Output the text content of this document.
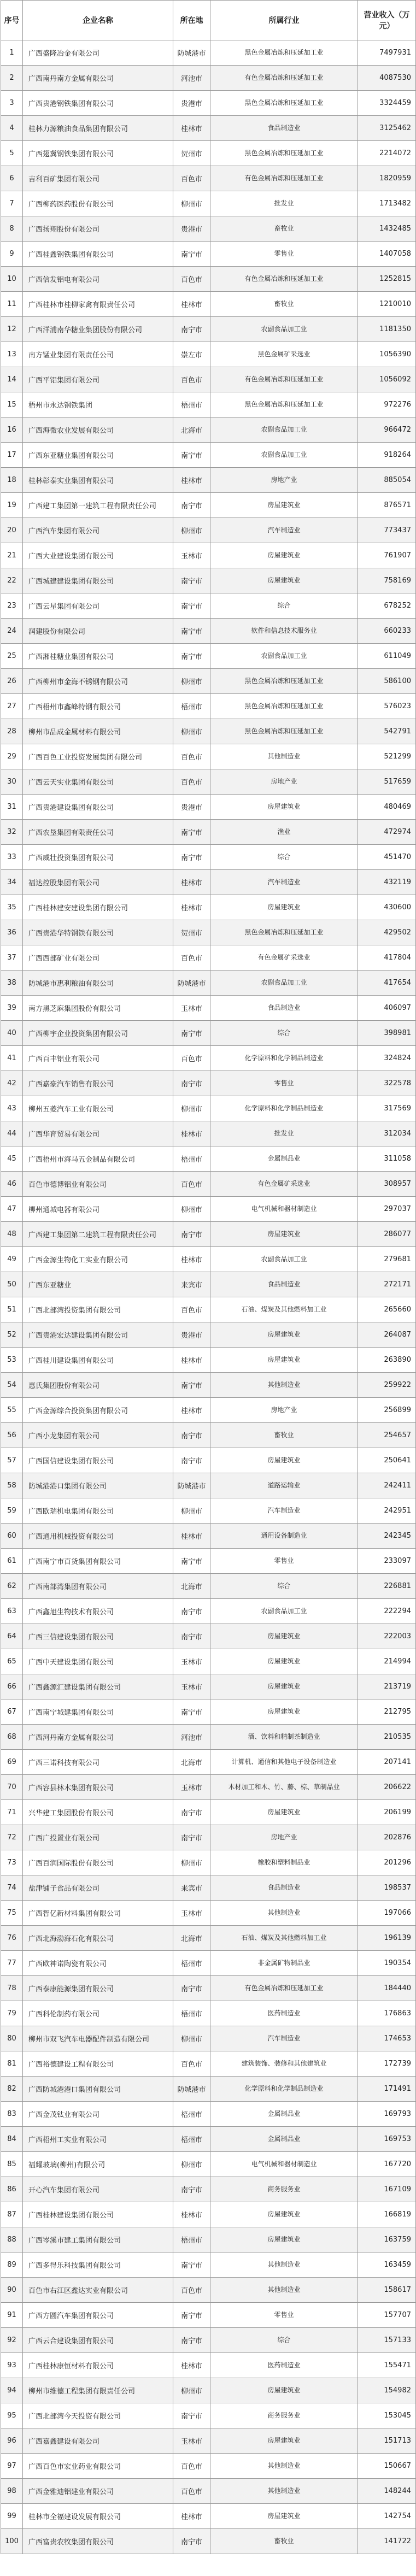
序号	企业名称	所在地	所属行业	营业收入（万元）
1	广西盛隆冶金有限公司	防城港市	黑色金属冶炼和压延加工业	7497931
2	广西南丹南方金属有限公司	河池市	有色金属冶炼和压延加工业	4087530
3	广西贵港钢铁集团有限公司	贵港市	黑色金属冶炼和压延加工业	3324459
4	桂林力源粮油食品集团有限公司	桂林市	食品制造业	3125462
5	广西翅冀钢铁集团有限公司	贺州市	黑色金属冶炼和压延加工业	2214072
6	吉利百矿集团有限公司	百色市	有色金属冶炼和压延加工业	1820959
7	广西柳药医药股份有限公司	柳州市	批发业	1713482
8	广西扬翔股份有限公司	贵港市	畜牧业	1432485
9	广西桂鑫钢铁集团有限公司	南宁市	零售业	1407058
10	广西信发铝电有限公司	百色市	有色金属冶炼和压延加工业	1252815
11	广西桂林市桂柳家禽有限责任公司	桂林市	畜牧业	1210010
12	广西洋浦南华糖业集团股份有限公司	南宁市	农副食品加工业	1181350
13	南方锰业集团有限责任公司	崇左市	黑色金属矿采选业	1056390
14	广西平铝集团有限公司	百色市	有色金属冶炼和压延加工业	1056092
15	梧州市永达钢铁集团	梧州市	黑色金属冶炼和压延加工业	972276
16	广西海微农业发展有限公司	北海市	农副食品加工业	966472
17	广西东亚糖业集团有限公司	南宁市	农副食品加工业	918264
18	桂林彰泰实业集团有限公司	桂林市	房地产业	885054
19	广西建工集团第一建筑工程有限责任公司	南宁市	房屋建筑业	876571
20	广西汽车集团有限公司	柳州市	汽车制造业	773437
21	广西大业建设集团有限公司	玉林市	房屋建筑业	761907
22	广西城建建设集团有限公司	南宁市	房屋建筑业	758169
23	广西云星集团有限公司	南宁市	综合	678252
24	润建股份有限公司	南宁市	软件和信息技术服务业	660233
25	广西湘桂糖业集团有限公司	南宁市	农副食品加工业	611049
26	广西柳州市金海不锈钢有限公司	柳州市	黑色金属冶炼和压延加工业	586100
27	广西梧州市鑫峰特钢有限公司	梧州市	黑色金属冶炼和压延加工业	576023
28	柳州市品成金属材料有限公司	柳州市	黑色金属冶炼和压延加工业	542791
29	广西百色工业投资发展集团有限公司	百色市	其他制造业	521299
30	广西云天实业集团有限公司	百色市	房地产业	517659
31	广西贵港建设集团有限公司	贵港市	房屋建筑业	480469
32	广西农垦集团有限责任公司	南宁市	渔业	472974
33	广西威壮投资集团有限公司	南宁市	综合	451470
34	福达控股集团有限公司	桂林市	汽车制造业	432119
35	广西桂林建安建设集团有限公司	桂林市	房屋建筑业	430600
36	广西贵港华特钢铁有限公司	贺州市	黑色金属冶炼和压延加工业	429502
37	广西西部矿业有限公司	百色市	有色金属矿采选业	417804
38	防城港市惠利粮油有限公司	防城港市	农副食品加工业	417654
39	南方黑芝麻集团股份有限公司	玉林市	食品制造业	406097
40	广西柳宇企业投资集团有限公司	南宁市	综合	398981
41	广西百丰铝业有限公司	百色市	化学原料和化学制品制造业	324824
42	广西嘉豪汽车销售有限公司	南宁市	零售业	322578
43	柳州五菱汽车工业有限公司	柳州市	化学原料和化学制品制造业	317569
44	广西华育贸易有限公司	桂林市	批发业	312034
45	广西梧州市海马五金制品有限公司	梧州市	金属制品业	311058
46	百色市德博铝业有限公司	百色市	有色金属矿采选业	308957
47	柳州通城电器有限公司	柳州市	电气机械和器材制造业	297037
48	广西建工集团第二建筑工程有限责任公司	南宁市	房屋建筑业	286077
49	广西金源生物化工实业有限公司	桂林市	农副食品加工业	279681
50	广西东亚糖业	来宾市	食品制造业	272171
51	广西北部湾投资集团有限公司	百色市	石油、煤炭及其他燃料加工业	265660
52	广西贵港宏达建设集团有限公司	贵港市	房屋建筑业	264087
53	广西桂川建设集团有限公司	桂林市	房屋建筑业	263890
54	惠氏集团股份有限公司	南宁市	其他制造业	259922
55	广西金源综合投资集团有限公司	桂林市	房地产业	256899
56	广西小龙集团有限公司	南宁市	畜牧业	254657
57	广西国信建设集团有限公司	南宁市	房屋建筑业	250641
58	防城港港口集团有限公司	防城港市	道路运输业	242411
59	广西欧瑞机电集团有限公司	柳州市	汽车制造业	242951
60	广西通用机械投资有限公司	桂林市	通用设备制造业	242345
61	广西南宁市百货集团有限公司	南宁市	零售业	233097
62	广西南部湾集团有限公司	北海市	综合	226881
63	广西鑫旭生物技术有限公司	南宁市	农副食品加工业	222294
64	广西三信建设集团有限公司	南宁市	房屋建筑业	222003
65	广西中天建设集团有限公司	玉林市	房屋建筑业	214994
66	广西鑫源汇建设集团有限公司	玉林市	房屋建筑业	213719
67	广西南宁城建集团有限公司	南宁市	房屋建筑业	212795
68	广西河丹南方金属有限公司	河池市	酒、饮料和精制茶制造业	210535
69	广西三诺科技有限公司	北海市	计算机、通信和其他电子设备制造业	207141
70	广西容县林木集团有限公司	玉林市	木材加工和木、竹、藤、棕、草制品业	206622
71	兴华建工集团股份有限公司	南宁市	房屋建筑业	206199
72	广西广投置业有限公司	南宁市	房地产业	202876
73	广西百润国际股份有限公司	柳州市	橡胶和塑料制品业	201296
74	盐津铺子食品有限公司	来宾市	食品制造业	198537
75	广西智亿新材料集团有限公司	玉林市	其他制造业	197066
76	广西北海渤海石化有限公司	北海市	石油、煤炭及其他燃料加工业	196139
77	广西欧神诺陶瓷有限公司	梧州市	非金属矿物制品业	190354
78	广西泰康能源集团有限公司	南宁市	有色金属冶炼和压延加工业	184440
79	广西科伦制药有限公司	梧州市	医药制造业	176863
80	柳州市双飞汽车电器配件制造有限公司	柳州市	汽车制造业	174653
81	广西裕德建设工程有限公司	百色市	建筑装饰、装修和其他建筑业	172739
82	广西防城港港口集团有限公司	防城港市	化学原料和化学制品制造业	171491
83	广西金茂钛业有限公司	梧州市	金属制品业	169793
84	广西梧州工实业有限公司	梧州市	金属制品业	169753
85	福耀玻璃(柳州)有限公司	柳州市	电气机械和器材制造业	167720
86	开心汽车集团有限公司	南宁市	商务服务业	167109
87	广西桂林建设集团有限公司	桂林市	房屋建筑业	166819
88	广西岑溪市建工集团有限公司	梧州市	房屋建筑业	163759
89	广西多得乐科技集团有限公司	南宁市	其他制造业	163459
90	百色市右江区鑫达实业有限公司	百色市	其他制造业	158617
91	广西方圆汽车集团有限公司	南宁市	零售业	157707
92	广西云合建设集团有限公司	南宁市	综合	157133
93	广西桂林康恒材料有限公司	桂林市	医药制造业	155471
94	柳州市维德工程集团有限责任公司	柳州市	房屋建筑业	154982
95	广西北部湾今天投资有限公司	南宁市	商务服务业	153045
96	广西嘉鑫建设有限公司	玉林市	房屋建筑业	151713
97	广西百色市宏业药业有限公司	百色市	其他制造业	150667
98	广西金雅迪铝建业有限公司	百色市	其他制造业	148244
99	桂林市全福建设发展有限公司	桂林市	房屋建筑业	142754
100	广西富贵农牧集团有限公司	南宁市	畜牧业	141722
